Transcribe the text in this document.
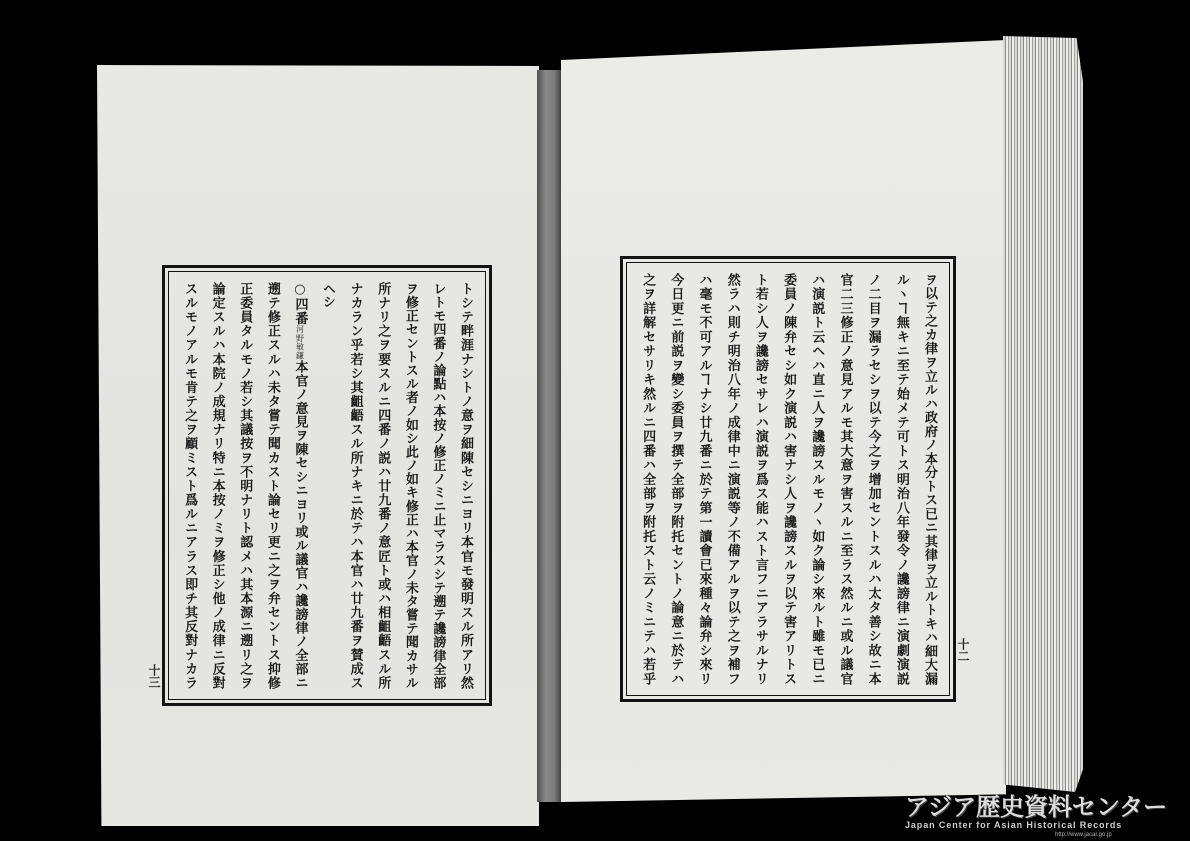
トシテ畔涯ナシトノ意ヲ細陳セシニヨリ本官モ發明スル所アリ然
レトモ四番ノ論點ハ本按ノ修正ノミニ止マラスシテ遡テ讒謗律全部
ヲ修正セントスル者ノ如シ此ノ如キ修正ハ本官ノ未タ嘗テ聞カサル
所ナリ之ヲ要スルニ四番ノ説ハ廿九番ノ意匠ト或ハ相齟齬スル所
ナカラン乎若シ其齟齬スル所ナキニ於テハ本官ハ廿九番ヲ賛成ス
ヘシ
○四番河野敏鎌本官ノ意見ヲ陳セシニヨリ或ル議官ハ讒謗律ノ全部ニ
遡テ修正スルハ未タ嘗テ聞カスト論セリ更ニ之ヲ弁セントス抑修
正委員タルモノ若シ其議按ヲ不明ナリト認メハ其本源ニ遡リ之ヲ
論定スルハ本院ノ成規ナリ特ニ本按ノミヲ修正シ他ノ成律ニ反對
スルモノアルモ肯テ之ヲ顧ミスト爲ルニアラス即チ其反對ナカラ	ヲ以テ之カ律ヲ立ルハ政府ノ本分トス已ニ其律ヲ立ルトキハ細大漏
ルヽヿ無キニ至テ始メテ可トス明治八年發令ノ讒謗律ニ演劇演説
ノ二目ヲ漏ラセシヲ以テ今之ヲ增加セントスルハ太タ善シ故ニ本
官二三修正ノ意見アルモ其大意ヲ害スルニ至ラス然ルニ或ル議官
ハ演説ト云ヘハ直ニ人ヲ讒謗スルモノヽ如ク論シ來ルト雖モ已ニ
委員ノ陳弁セシ如ク演説ハ害ナシ人ヲ讒謗スルヲ以テ害アリトス
ト若シ人ヲ讒謗セサレハ演説ヲ爲ス能ハスト言フニアラサルナリ
然ラハ則チ明治八年ノ成律中ニ演説等ノ不備アルヲ以テ之ヲ補フ
ハ毫モ不可アルヿナシ廿九番ニ於テ第一讀會已來種々論弁シ來リ
今日更ニ前説ヲ變シ委員ヲ撰テ全部ヲ附托セントノ論意ニ於テハ
之ヲ詳解セサリキ然ルニ四番ハ全部ヲ附托スト云ノミニテハ若乎
十三
十二
アジア歴史資料センター
Japan Center for Asian Historical Records
http://www.jacar.go.jp
